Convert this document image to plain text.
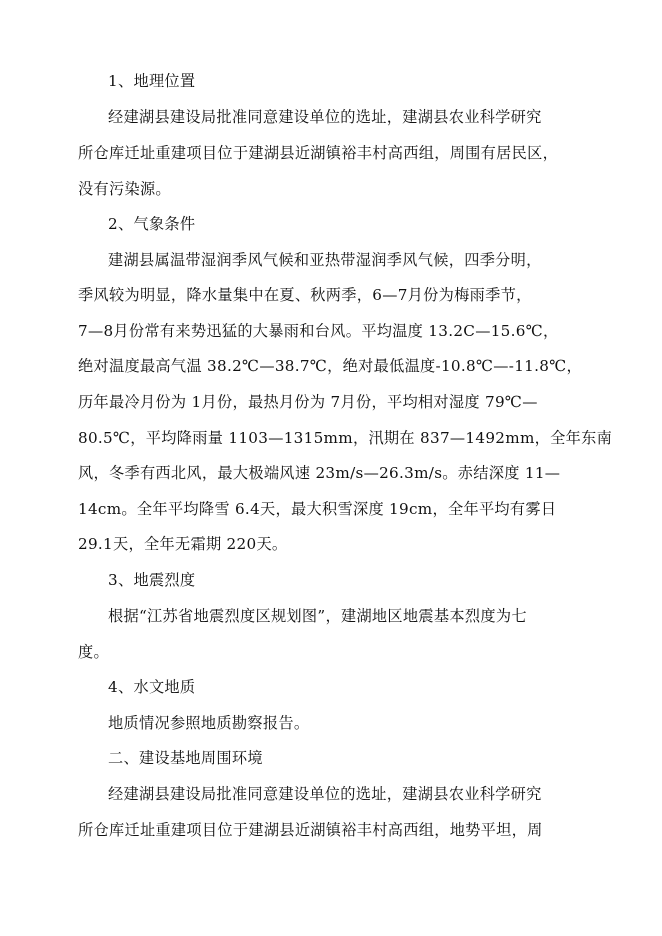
1、地理位置
经建湖县建设局批准同意建设单位的选址，建湖县农业科学研究
所仓库迁址重建项目位于建湖县近湖镇裕丰村高西组，周围有居民区，
没有污染源。
2、气象条件
建湖县属温带湿润季风气候和亚热带湿润季风气候，四季分明，
季风较为明显，降水量集中在夏、秋两季，6—7月份为梅雨季节，
7—8月份常有来势迅猛的大暴雨和台风。平均温度 13.2C—15.6℃，
绝对温度最高气温 38.2℃—38.7℃，绝对最低温度-10.8℃—-11.8℃，
历年最冷月份为 1月份，最热月份为 7月份，平均相对湿度 79℃—
80.5℃，平均降雨量 1103—1315mm，汛期在 837—1492mm，全年东南
风，冬季有西北风，最大极端风速 23m/s—26.3m/s。赤结深度 11—
14cm。全年平均降雪 6.4天，最大积雪深度 19cm，全年平均有雾日
29.1天，全年无霜期 220天。
3、地震烈度
根据“江苏省地震烈度区规划图”，建湖地区地震基本烈度为七
度。
4、水文地质
地质情况参照地质勘察报告。
二、建设基地周围环境
经建湖县建设局批准同意建设单位的选址，建湖县农业科学研究
所仓库迁址重建项目位于建湖县近湖镇裕丰村高西组，地势平坦，周
